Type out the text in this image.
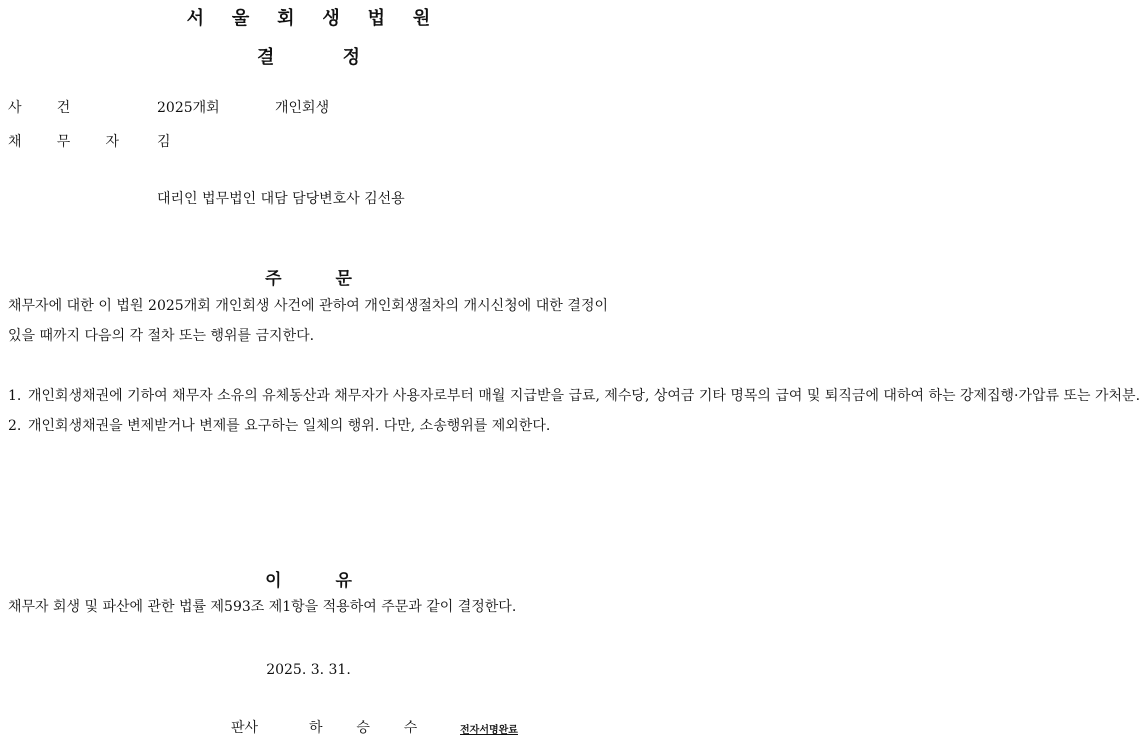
서 울 회 생 법 원
결 정
사 건	2025개회	개인회생
채 무 자 김
대리인 법무법인 대담 담당변호사 김선용
주 문
채무자에 대한 이 법원 2025개회 개인회생 사건에 관하여 개인회생절차의 개시신청에 대한 결정이 있을 때까지 다음의 각 절차 또는 행위를 금지한다.
1. 개인회생채권에 기하여 채무자 소유의 유체동산과 채무자가 사용자로부터 매월 지급받을 급료, 제수당, 상여금 기타 명목의 급여 및 퇴직금에 대하여 하는 강제집행·가압류 또는 가처분.
2. 개인회생채권을 변제받거나 변제를 요구하는 일체의 행위. 다만, 소송행위를 제외한다.
이 유
채무자 회생 및 파산에 관한 법률 제593조 제1항을 적용하여 주문과 같이 결정한다.
2025. 3. 31.
판사	하 승 수	전자서명완료
